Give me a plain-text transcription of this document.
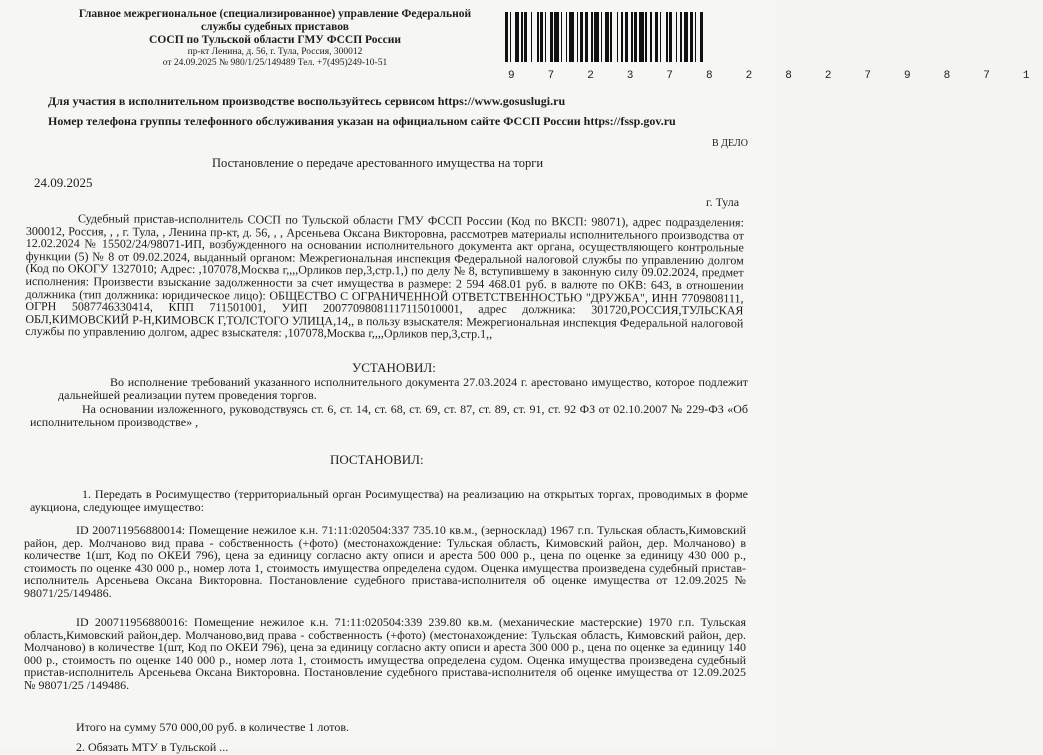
Главное межрегиональное (специализированное) управление Федеральной
службы судебных приставов
СОСП по Тульской области ГМУ ФССП России
пр-кт Ленина, д. 56, г. Тула, Россия, 300012
от 24.09.2025 № 980/1/25/149489 Тел. +7(495)249-10-51
9 7 2 3 7 8 2 8 2 7 9 8 7 1
Для участия в исполнительном производстве воспользуйтесь сервисом https://www.gosuslugi.ru
Номер телефона группы телефонного обслуживания указан на официальном сайте ФССП России https://fssp.gov.ru
В ДЕЛО
Постановление о передаче арестованного имущества на торги
24.09.2025
г. Тула
Судебный пристав-исполнитель СОСП по Тульской области ГМУ ФССП России (Код по ВКСП: 98071), адрес подразделения: 300012, Россия, , , г. Тула, , Ленина пр-кт, д. 56, , , Арсеньева Оксана Викторовна, рассмотрев материалы исполнительного производства от 12.02.2024 № 15502/24/98071-ИП, возбужденного на основании исполнительного документа акт органа, осуществляющего контрольные функции (5) № 8 от 09.02.2024, выданный органом: Межрегиональная инспекция Федеральной налоговой службы по управлению долгом (Код по ОКОГУ 1327010; Адрес: ,107078,Москва г,,,,Орликов пер,3,стр.1,) по делу № 8, вступившему в законную силу 09.02.2024, предмет исполнения: Произвести взыскание задолженности за счет имущества в размере: 2 594 468.01 руб. в валюте по ОКВ: 643, в отношении должника (тип должника: юридическое лицо): ОБЩЕСТВО С ОГРАНИЧЕННОЙ ОТВЕТСТВЕННОСТЬЮ "ДРУЖБА", ИНН 7709808111, ОГРН 5087746330414, КПП 711501001, УИП 20077098081117115010001, адрес должника: 301720,РОССИЯ,ТУЛЬСКАЯ ОБЛ,КИМОВСКИЙ Р-Н,КИМОВСК Г,ТОЛСТОГО УЛИЦА,14,, в пользу взыскателя: Межрегиональная инспекция Федеральной налоговой службы по управлению долгом, адрес взыскателя: ,107078,Москва г,,,,Орликов пер,3,стр.1,,
УСТАНОВИЛ:
Во исполнение требований указанного исполнительного документа 27.03.2024 г. арестовано имущество, которое подлежит дальнейшей реализации путем проведения торгов.
На основании изложенного, руководствуясь ст. 6, ст. 14, ст. 68, ст. 69, ст. 87, ст. 89, ст. 91, ст. 92 ФЗ от 02.10.2007 № 229-ФЗ «Об исполнительном производстве» ,
ПОСТАНОВИЛ:
1. Передать в Росимущество (территориальный орган Росимущества) на реализацию на открытых торгах, проводимых в форме аукциона, следующее имущество:
ID 200711956880014: Помещение нежилое к.н. 71:11:020504:337 735.10 кв.м., (зерносклад) 1967 г.п. Тульская область,Кимовский район, дер. Молчаново вид права - собственность (+фото) (местонахождение: Тульская область, Кимовский район, дер. Молчаново) в количестве 1(шт, Код по ОКЕИ 796), цена за единицу согласно акту описи и ареста 500 000 р., цена по оценке за единицу 430 000 р., стоимость по оценке 430 000 р., номер лота 1, стоимость имущества определена судом. Оценка имущества произведена судебный пристав-исполнитель Арсеньева Оксана Викторовна. Постановление судебного пристава-исполнителя об оценке имущества от 12.09.2025 № 98071/25/149486.
ID 200711956880016: Помещение нежилое к.н. 71:11:020504:339 239.80 кв.м. (механические мастерские) 1970 г.п. Тульская область,Кимовский район,дер. Молчаново,вид права - собственность (+фото) (местонахождение: Тульская область, Кимовский район, дер. Молчаново) в количестве 1(шт, Код по ОКЕИ 796), цена за единицу согласно акту описи и ареста 300 000 р., цена по оценке за единицу 140 000 р., стоимость по оценке 140 000 р., номер лота 1, стоимость имущества определена судом. Оценка имущества произведена судебный пристав-исполнитель Арсеньева Оксана Викторовна. Постановление судебного пристава-исполнителя об оценке имущества от 12.09.2025 № 98071/25 /149486.
Итого на сумму 570 000,00 руб. в количестве 1 лотов.
2. Обязать МТУ в Тульской ...
